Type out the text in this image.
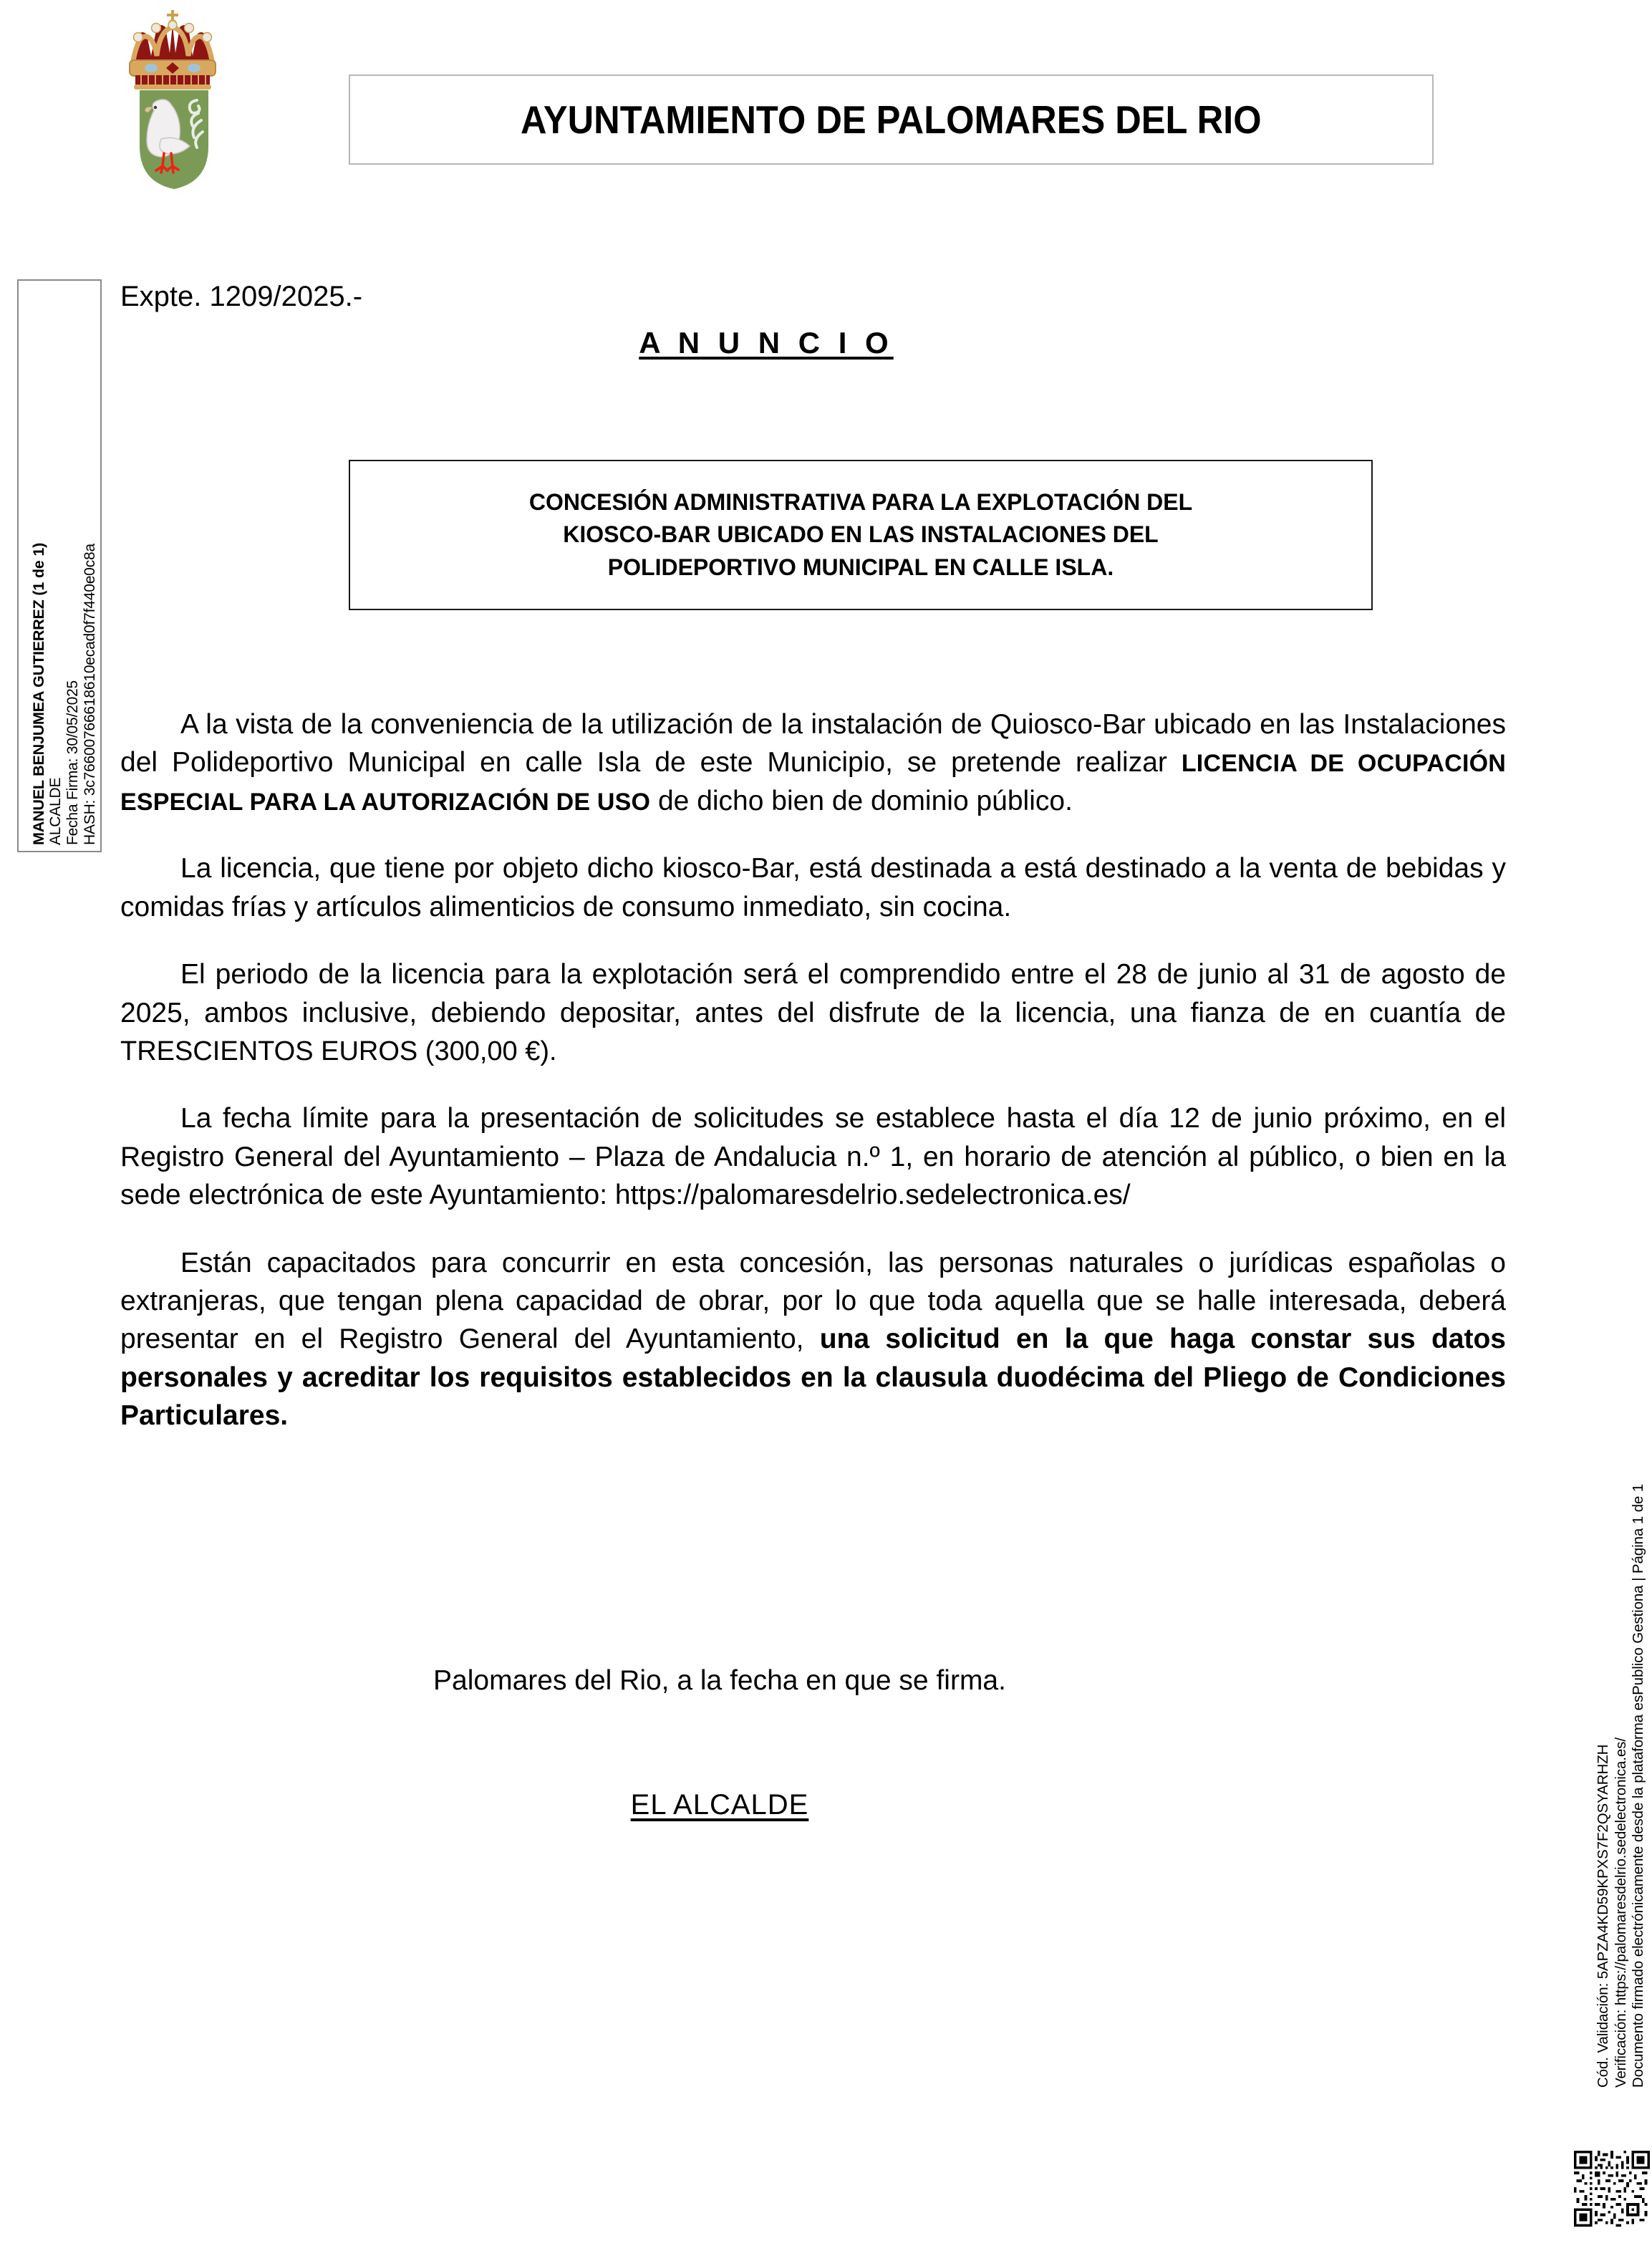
MANUEL BENJUMEA GUTIERREZ (1 de 1) ALCALDE Fecha Firma: 30/05/2025 HASH: 3c76600766618610ecad0f7f440e0c8a
AYUNTAMIENTO DE PALOMARES DEL RIO
Expte. 1209/2025.-
A N U N C I O
CONCESIÓN ADMINISTRATIVA PARA LA EXPLOTACIÓN DEL
KIOSCO-BAR UBICADO EN LAS INSTALACIONES DEL
POLIDEPORTIVO MUNICIPAL EN CALLE ISLA.

A la vista de la conveniencia de la utilización de la instalación de Quiosco-Bar ubicado en las Instalaciones del Polideportivo Municipal en calle Isla de este Municipio, se pretende realizar LICENCIA DE OCUPACIÓN ESPECIAL PARA LA AUTORIZACIÓN DE USO de dicho bien de dominio público.

La licencia, que tiene por objeto dicho kiosco-Bar, está destinada a está destinado a la venta de bebidas y comidas frías y artículos alimenticios de consumo inmediato, sin cocina.

El periodo de la licencia para la explotación será el comprendido entre el 28 de junio al 31 de agosto de 2025, ambos inclusive, debiendo depositar, antes del disfrute de la licencia, una fianza de en cuantía de TRESCIENTOS EUROS (300,00 €).

La fecha límite para la presentación de solicitudes se establece hasta el día 12 de junio próximo, en el Registro General del Ayuntamiento – Plaza de Andalucia n.º 1, en horario de atención al público, o bien en la sede electrónica de este Ayuntamiento: https://palomaresdelrio.sedelectronica.es/

Están capacitados para concurrir en esta concesión, las personas naturales o jurídicas españolas o extranjeras, que tengan plena capacidad de obrar, por lo que toda aquella que se halle interesada, deberá presentar en el Registro General del Ayuntamiento, una solicitud en la que haga constar sus datos personales y acreditar los requisitos establecidos en la clausula duodécima del Pliego de Condiciones Particulares.

Palomares del Rio, a la fecha en que se firma.
EL ALCALDE	Cód. Validación: 5APZA4KD59KPXS7F2QSYARHZH Verificación: https://palomaresdelrio.sedelectronica.es/ Documento firmado electrónicamente desde la plataforma esPublico Gestiona | Página 1 de 1
